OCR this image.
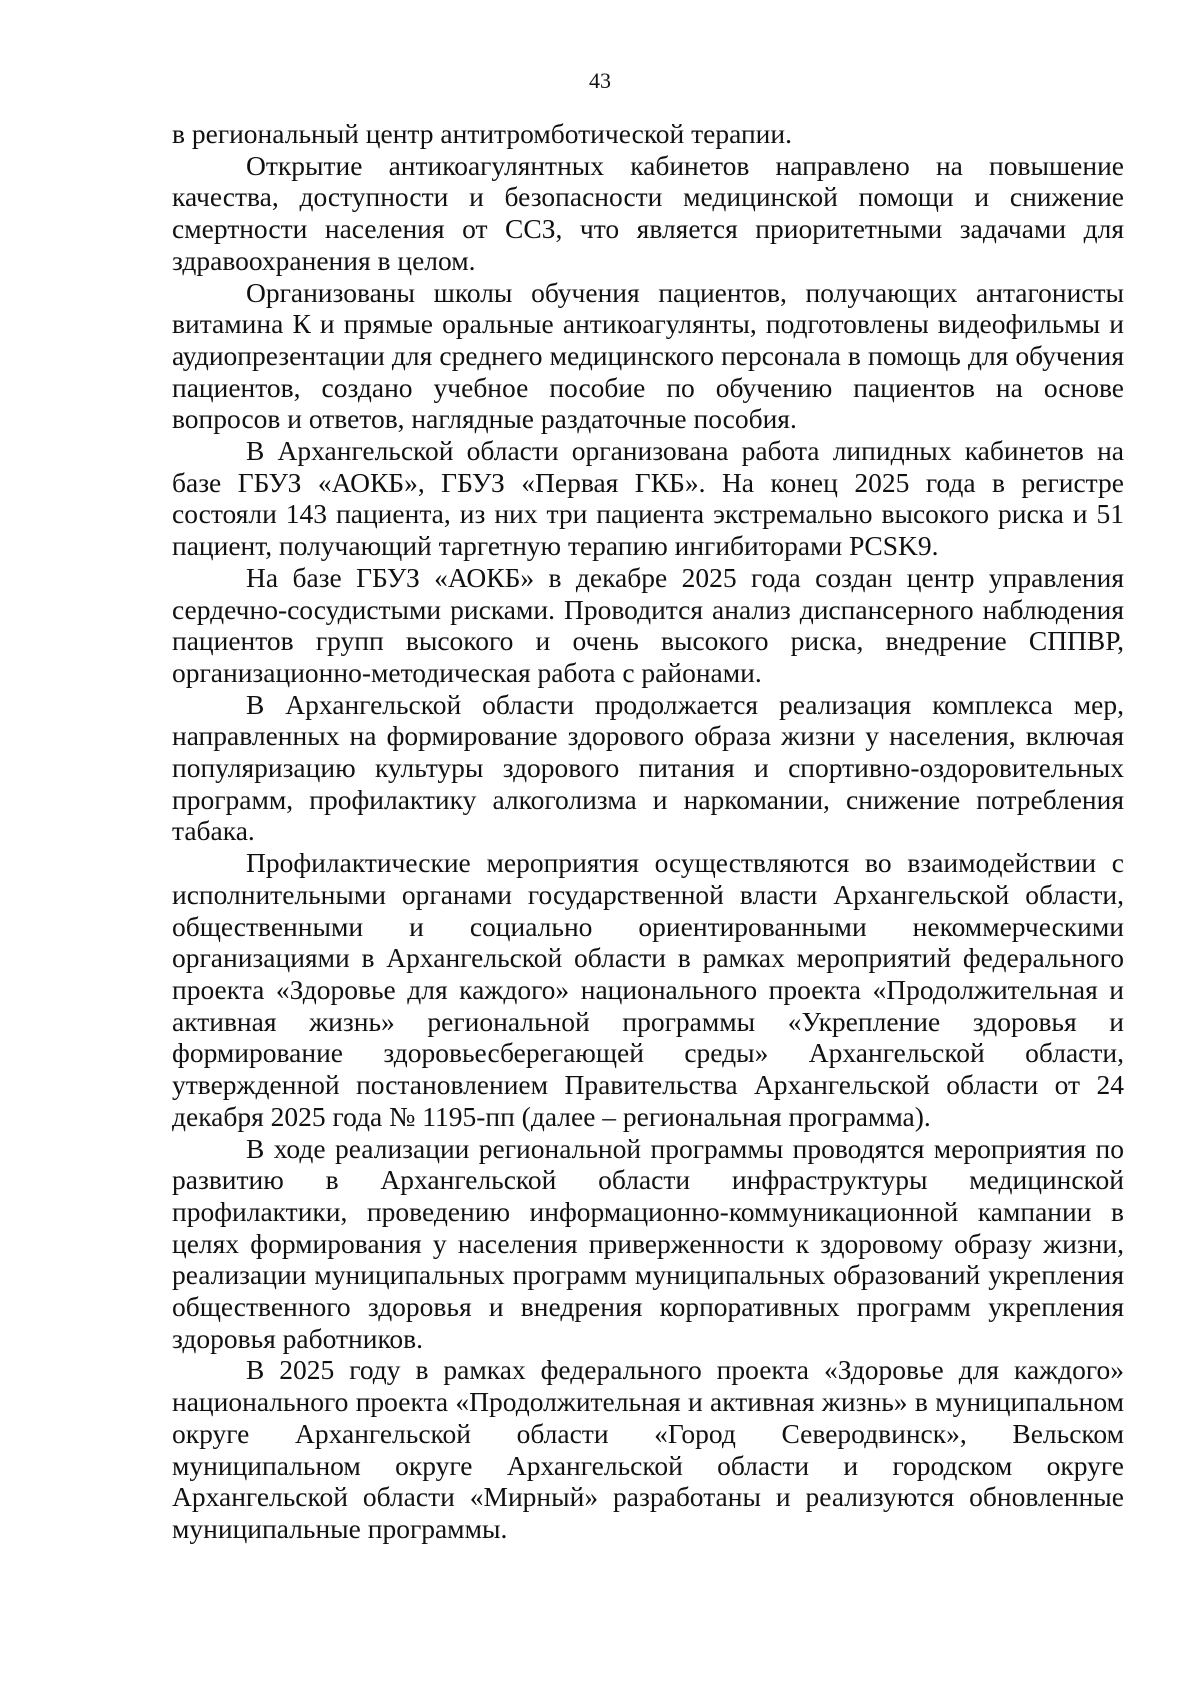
43

в региональный центр антитромботической терапии.

Открытие антикоагулянтных кабинетов направлено на повышение качества, доступности и безопасности медицинской помощи и снижение смертности населения от ССЗ, что является приоритетными задачами для здравоохранения в целом.

Организованы школы обучения пациентов, получающих антагонисты витамина К и прямые оральные антикоагулянты, подготовлены видеофильмы и аудиопрезентации для среднего медицинского персонала в помощь для обучения пациентов, создано учебное пособие по обучению пациентов на основе вопросов и ответов, наглядные раздаточные пособия.

В Архангельской области организована работа липидных кабинетов на базе ГБУЗ «АОКБ», ГБУЗ «Первая ГКБ». На конец 2025 года в регистре состояли 143 пациента, из них три пациента экстремально высокого риска и 51 пациент, получающий таргетную терапию ингибиторами PCSK9.

На базе ГБУЗ «АОКБ» в декабре 2025 года создан центр управления сердечно-сосудистыми рисками. Проводится анализ диспансерного наблюдения пациентов групп высокого и очень высокого риска, внедрение СППВР, организационно-методическая работа с районами.

В Архангельской области продолжается реализация комплекса мер, направленных на формирование здорового образа жизни у населения, включая популяризацию культуры здорового питания и спортивно-оздоровительных программ, профилактику алкоголизма и наркомании, снижение потребления табака.

Профилактические мероприятия осуществляются во взаимодействии с исполнительными органами государственной власти Архангельской области, общественными и социально ориентированными некоммерческими организациями в Архангельской области в рамках мероприятий федерального проекта «Здоровье для каждого» национального проекта «Продолжительная и активная жизнь» региональной программы «Укрепление здоровья и формирование здоровьесберегающей среды» Архангельской области, утвержденной постановлением Правительства Архангельской области от 24 декабря 2025 года № 1195-пп (далее – региональная программа).

В ходе реализации региональной программы проводятся мероприятия по развитию в Архангельской области инфраструктуры медицинской профилактики, проведению информационно-коммуникационной кампании в целях формирования у населения приверженности к здоровому образу жизни, реализации муниципальных программ муниципальных образований укрепления общественного здоровья и внедрения корпоративных программ укрепления здоровья работников.

В 2025 году в рамках федерального проекта «Здоровье для каждого» национального проекта «Продолжительная и активная жизнь» в муниципальном округе Архангельской области «Город Северодвинск», Вельском муниципальном округе Архангельской области и городском округе Архангельской области «Мирный» разработаны и реализуются обновленные муниципальные программы.
